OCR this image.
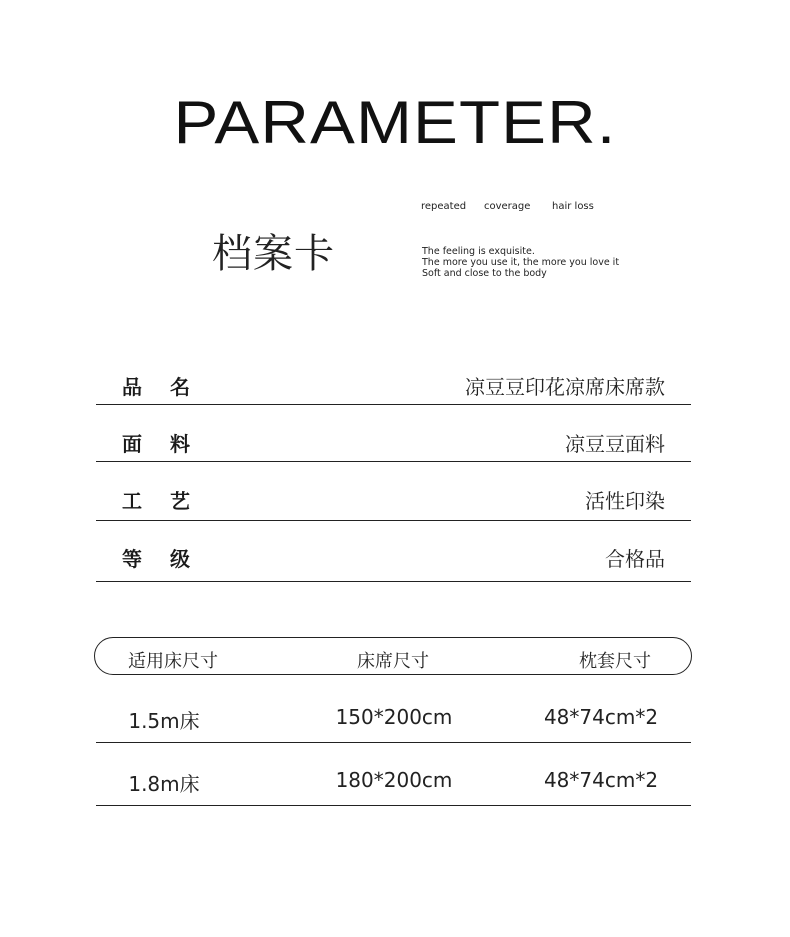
PARAMETER.
档案卡
repeated coverage hair loss
The feeling is exquisite.
The more you use it, the more you love it
Soft and close to the body
品 名	凉豆豆印花凉席床席款
面 料	凉豆豆面料
工 艺	活性印染
等 级	合格品
适用床尺寸	床席尺寸	枕套尺寸
1.5m床	150*200cm	48*74cm*2
1.8m床	180*200cm	48*74cm*2
